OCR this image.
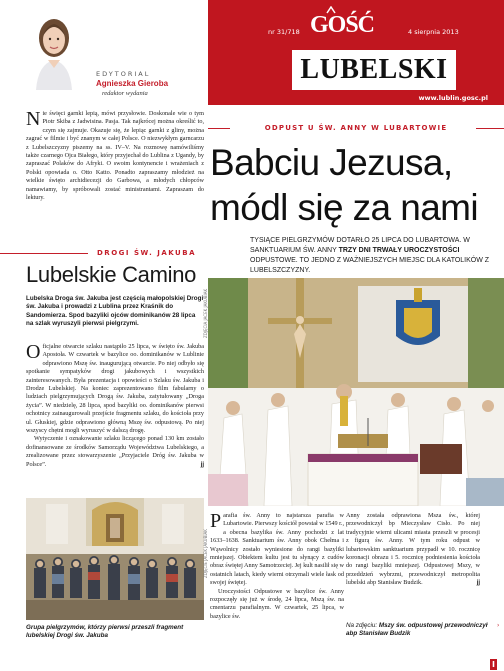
EDYTORIAL
Agnieszka Gieroba
redaktor wydania
Nie święci garnki lepią, mówi przysłowie. Doskonale wie o tym Piotr Skiba z Jadwisina. Pasja. Tak najkrócej można określić to, czym się zajmuje. Okazuje się, że lepiąc garnki z gliny, można zagrać w filmie i być znanym w całej Polsce. O niezwykłym garncarzu z Lubelszczyzny piszemy na ss. IV–V. Na rozmowę namówiliśmy także czarnego Ojca Białego, który przyjechał do Lublina z Ugandy, by zapraszać Polaków do Afryki. O swoim kontynencie i wrażeniach z Polski opowiada o. Otto Katto. Ponadto zapraszamy młodzież na wielkie święto archidiecezji do Garbowa, a młodych chłopców namawiamy, by spróbowali zostać ministrantami. Zapraszam do lektury.
nr 31/718 GOŚĆ	4 sierpnia 2013
LUBELSKI
www.lublin.gosc.pl
DROGI ŚW. JAKUBA
Lubelskie Camino
Lubelska Droga św. Jakuba jest częścią małopolskiej Drogi św. Jakuba i prowadzi z Lublina przez Kraśnik do Sandomierza. Spod bazyliki ojców dominikanów 28 lipca na szlak wyruszyli pierwsi pielgrzymi.

Oficjalne otwarcie szlaku nastąpiło 25 lipca, w święto św. Jakuba Apostoła. W czwartek w bazylice oo. dominikanów w Lublinie odprawiono Mszę św. inaugurującą otwarcie. Po niej odbyło się spotkanie sympatyków drogi jakubowych i wszystkich zainteresowanych. Była prezentacja i opowieści o Szlaku św. Jakuba i Drodze Lubelskiej. Na koniec zaprezentowano film fabularny o ludziach pielgrzymujących Drogą św. Jakuba, zatytułowany „Droga życia”. W niedzielę, 28 lipca, spod bazyliki oo. dominikanów pierwsi ochotnicy zainaugurowali przejście fragmentu szlaku, do kościoła przy ul. Głuskiej, gdzie odprawiono główną Mszę św. odpustową. Po niej wszyscy chętni mogli wyruszyć w dalszą drogę.

Wytyczenie i oznakowanie szlaku liczącego ponad 130 km zostało dofinansowane ze środków Samorządu Województwa Lubelskiego, a zrealizowane przez stowarzyszenie „Przyjaciele Dróg św. Jakuba w Polsce”.	jj

ZDJĘCIA JACEK JAKUBIAK
ZDJĘCIE JACEK JAKUBIAK
Grupa pielgrzymów, którzy pierwsi przeszli fragment lubelskiej Drogi św. Jakuba
ODPUST U ŚW. ANNY W LUBARTOWIE
Babciu Jezusa,
módl się za nami
TYSIĄCE PIELGRZYMÓW DOTARŁO 25 LIPCA DO LUBARTOWA. W SANKTUARIUM ŚW. ANNY TRZY DNI TRWAŁY UROCZYSTOŚCI ODPUSTOWE. TO JEDNO Z WAŻNIEJSZYCH MIEJSC DLA KATOLIKÓW Z LUBELSZCZYZNY.

Parafia św. Anny to najstarsza parafia w Lubartowie. Pierwszy kościół powstał w 1549 r., a obecna bazylika św. Anny pochodzi z lat 1633–1638. Sanktuarium św. Anny obok Chełma i Wąwolnicy zostało wyniesione do rangi bazyliki mniejszej. Obiektem kultu jest tu słynący z cudów obraz świętej Anny Samotrzeciej. Jej kult nasilił się w ostatnich latach, kiedy wierni otrzymali wiele łask od swojej świętej.

Uroczystości Odpustowe w bazylice św. Anny rozpoczęły się już w środę, 24 lipca, Mszą św. na cmentarzu parafialnym. W czwartek, 25 lipca, w bazylice św.

Anny została odprawiona Msza św., której przewodniczył bp Mieczysław Cisło. Po niej tradycyjnie wierni ulicami miasta przeszli w procesji z figurą św. Anny. W tym roku odpust w lubartowskim sanktuarium przypadł w 10. rocznicę koronacji obrazu i 5. rocznicę podniesienia kościoła do rangi bazyliki mniejszej. Odpustowej Mszy, w przeddzień wybrzmi, przewodniczył metropolita lubelski abp Stanisław Budzik.	jj

Na zdjęciu: Mszy św. odpustowej przewodniczył abp Stanisław Budzik
›
I
